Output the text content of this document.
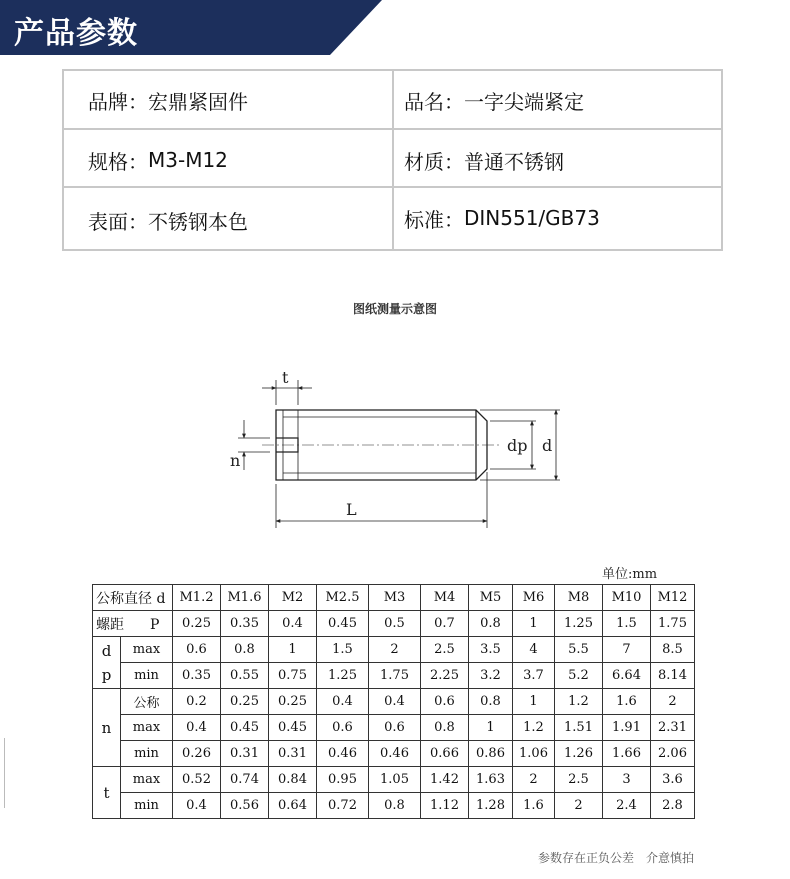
产品参数
品牌： 宏鼎紧固件	品名： 一字尖端紧定
规格： M3-M12	材质： 普通不锈钢
表面： 不锈钢本色	标准： DIN551/GB73
图纸测量示意图
t
n
dp d
L
单位:mm
公称直径 d		M1.2	M1.6	M2	M2.5	M3	M4	M5	M6	M8	M10	M12
螺距 P		0.25	0.35	0.4	0.45	0.5	0.7	0.8	1	1.25	1.5	1.75

d
p	max	0.6	0.8	1	1.5	2	2.5	3.5	4	5.5	7	8.5
	min	0.35	0.55	0.75	1.25	1.75	2.25	3.2	3.7	5.2	6.64	8.14
n	公称	0.2	0.25	0.25	0.4	0.4	0.6	0.8	1	1.2	1.6	2
	max	0.4	0.45	0.45	0.6	0.6	0.8	1	1.2	1.51	1.91	2.31
	min	0.26	0.31	0.31	0.46	0.46	0.66	0.86	1.06	1.26	1.66	2.06
t	max	0.52	0.74	0.84	0.95	1.05	1.42	1.63	2	2.5	3	3.6
	min	0.4	0.56	0.64	0.72	0.8	1.12	1.28	1.6	2	2.4	2.8
参数存在正负公差　介意慎拍
